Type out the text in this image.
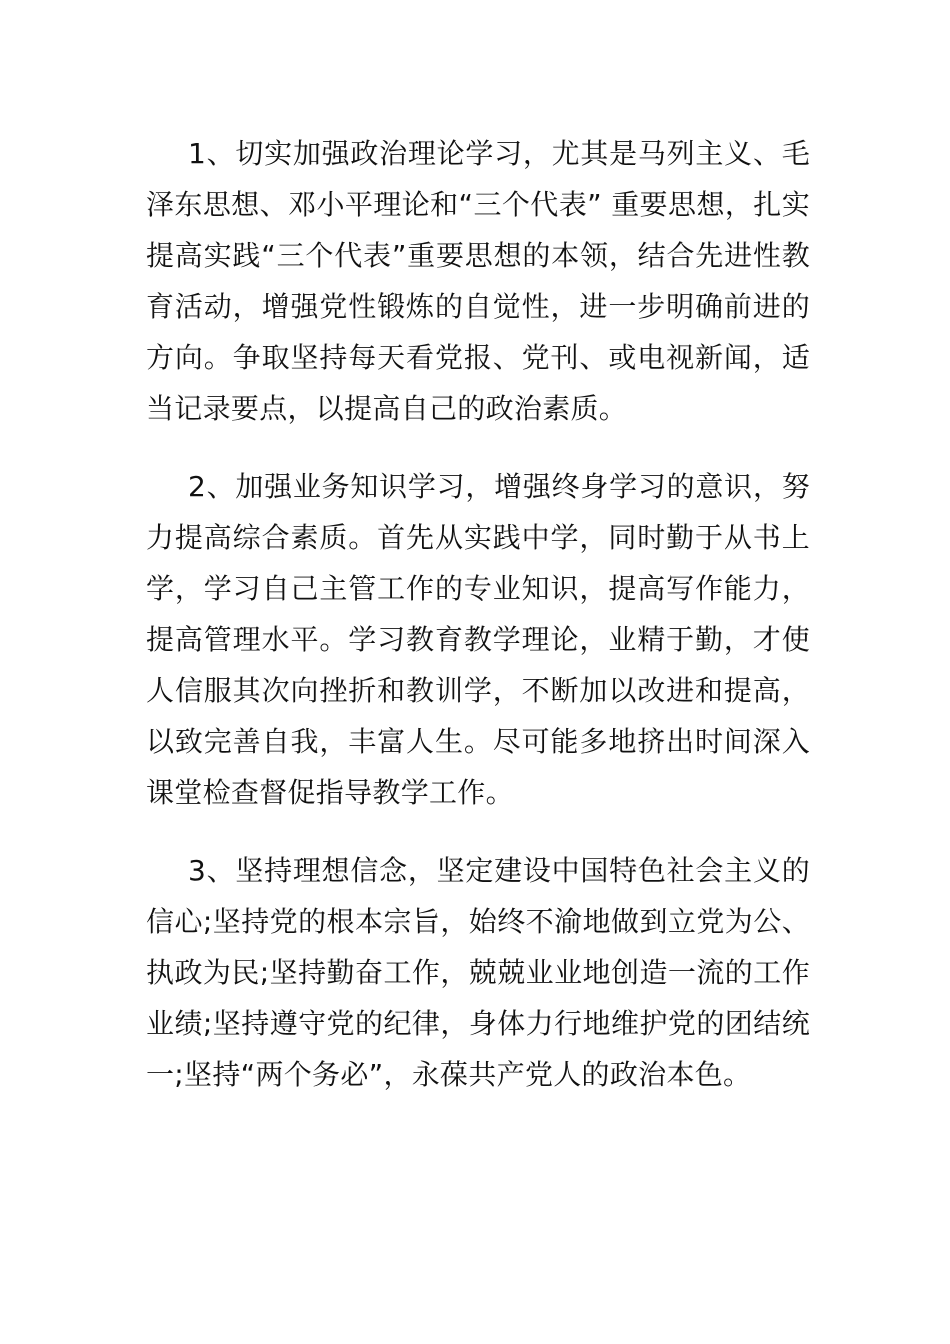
1、切实加强政治理论学习，尤其是马列主义、毛泽东思想、邓小平理论和“三个代表” 重要思想，扎实提高实践“三个代表”重要思想的本领，结合先进性教育活动，增强党性锻炼的自觉性，进一步明确前进的方向。争取坚持每天看党报、党刊、或电视新闻，适当记录要点，以提高自己的政治素质。

2、加强业务知识学习，增强终身学习的意识，努力提高综合素质。首先从实践中学，同时勤于从书上学，学习自己主管工作的专业知识，提高写作能力，提高管理水平。学习教育教学理论，业精于勤，才使人信服其次向挫折和教训学，不断加以改进和提高，以致完善自我，丰富人生。尽可能多地挤出时间深入课堂检查督促指导教学工作。

3、坚持理想信念，坚定建设中国特色社会主义的信心;坚持党的根本宗旨，始终不渝地做到立党为公、执政为民;坚持勤奋工作，兢兢业业地创造一流的工作业绩;坚持遵守党的纪律，身体力行地维护党的团结统一;坚持“两个务必”，永葆共产党人的政治本色。
